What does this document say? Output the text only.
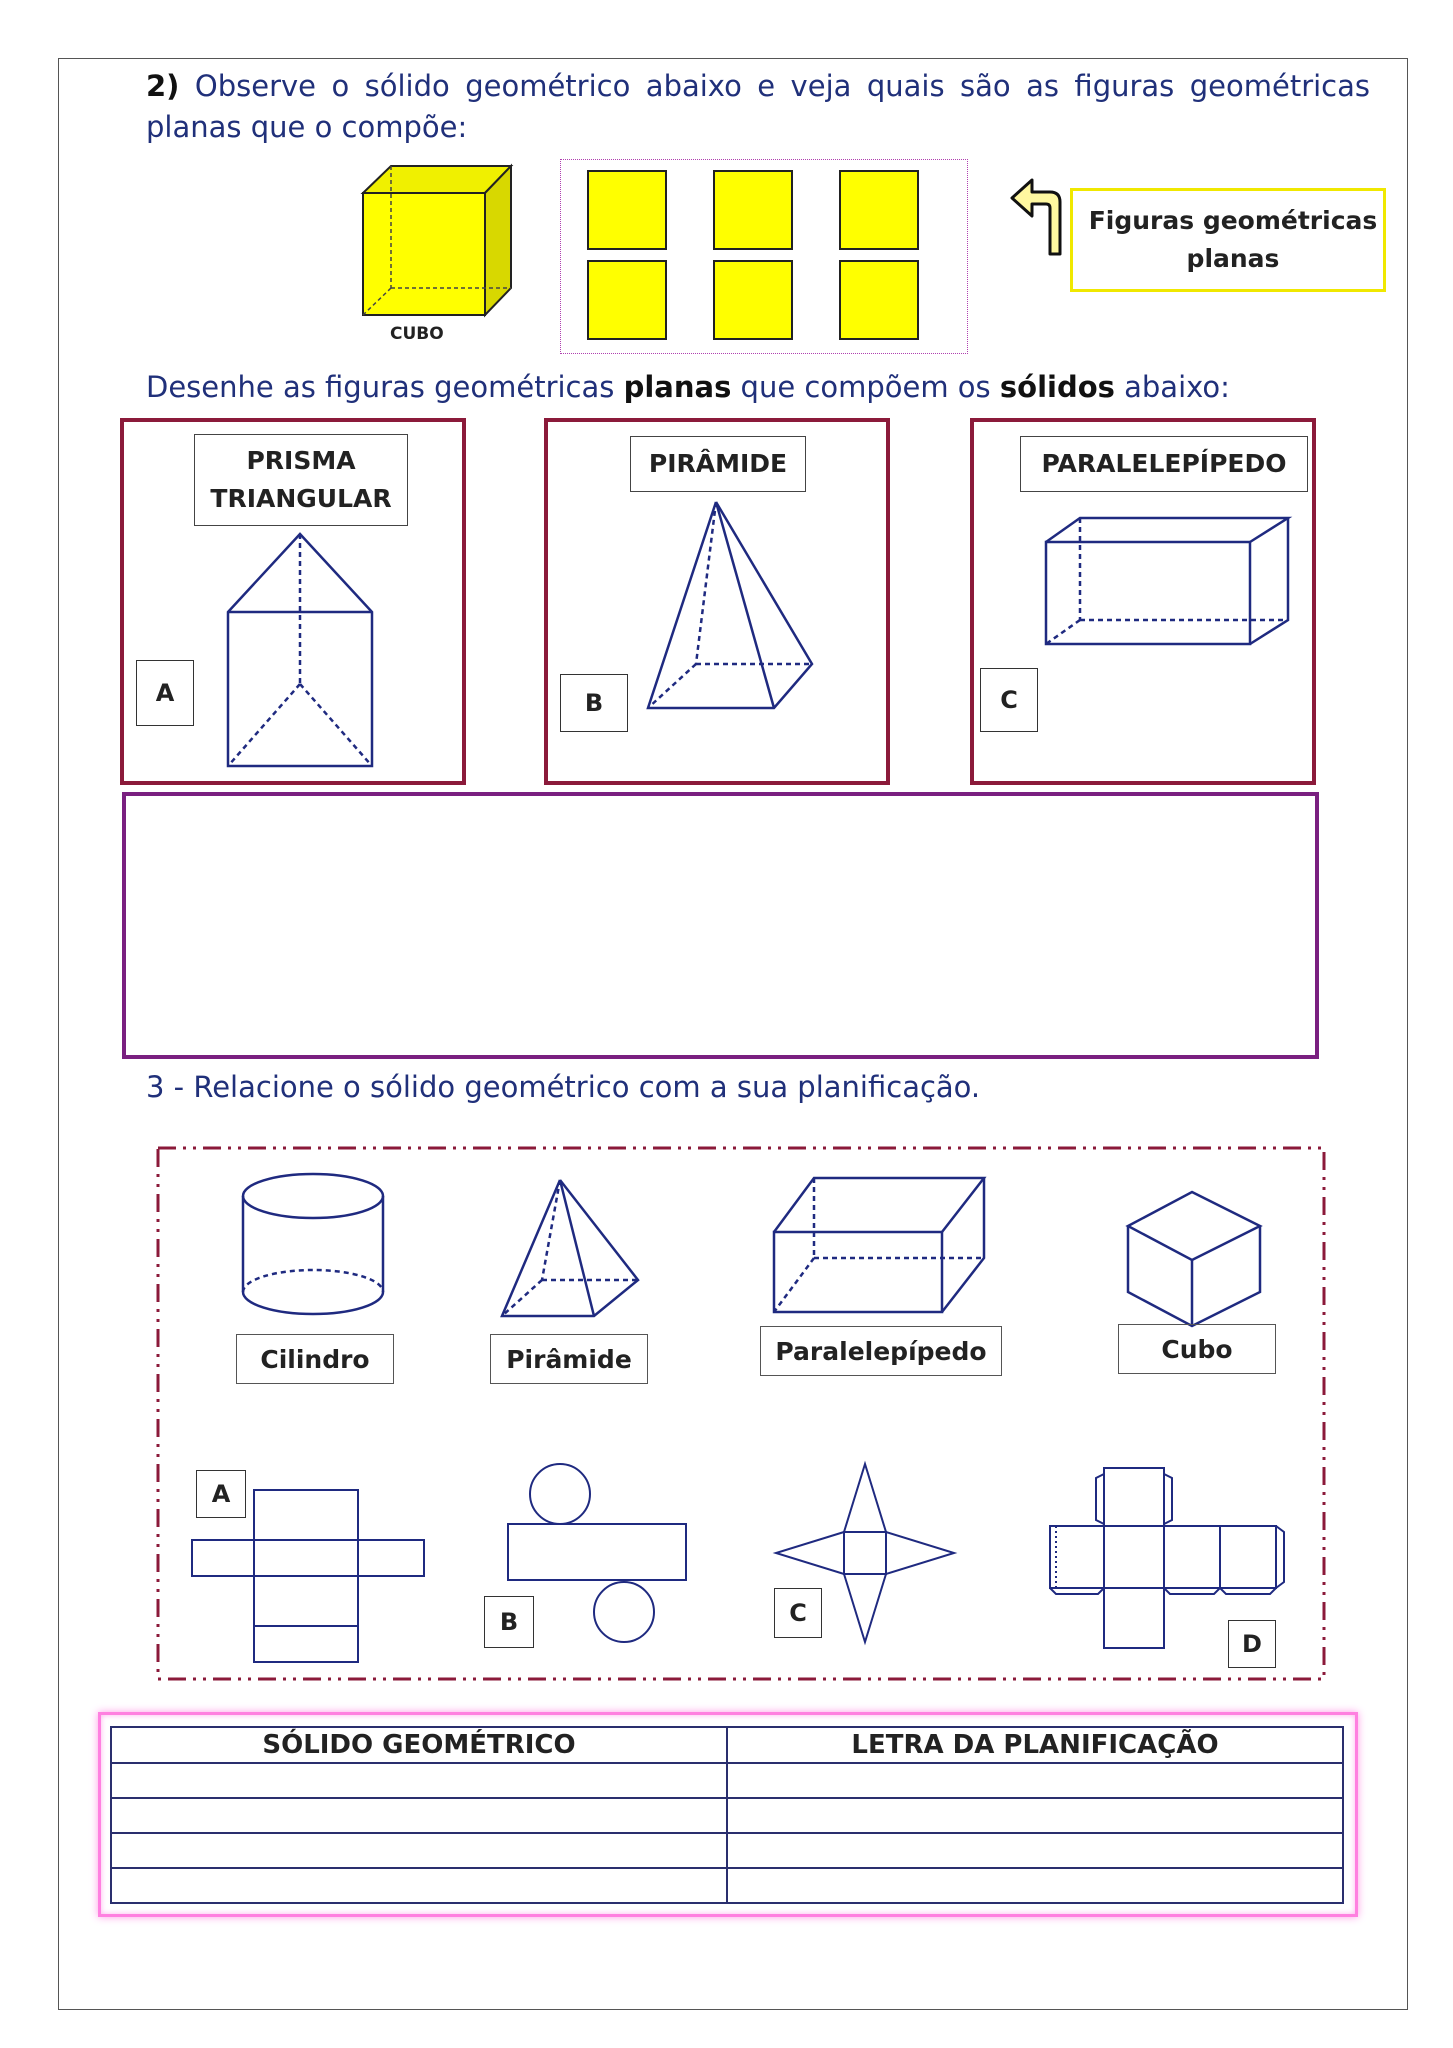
2) Observe o sólido geométrico abaixo e veja quais são as figuras geométricas planas que o compõe:
CUBO
Figuras geométricas planas
Desenhe as figuras geométricas planas que compõem os sólidos abaixo:
PRISMA TRIANGULAR
A
PIRÂMIDE
B
PARALELEPÍPEDO
C
3 - Relacione o sólido geométrico com a sua planificação.
Cilindro	Pirâmide	Paralelepípedo	Cubo
A
B	C
D
SÓLIDO GEOMÉTRICO	LETRA DA PLANIFICAÇÃO
